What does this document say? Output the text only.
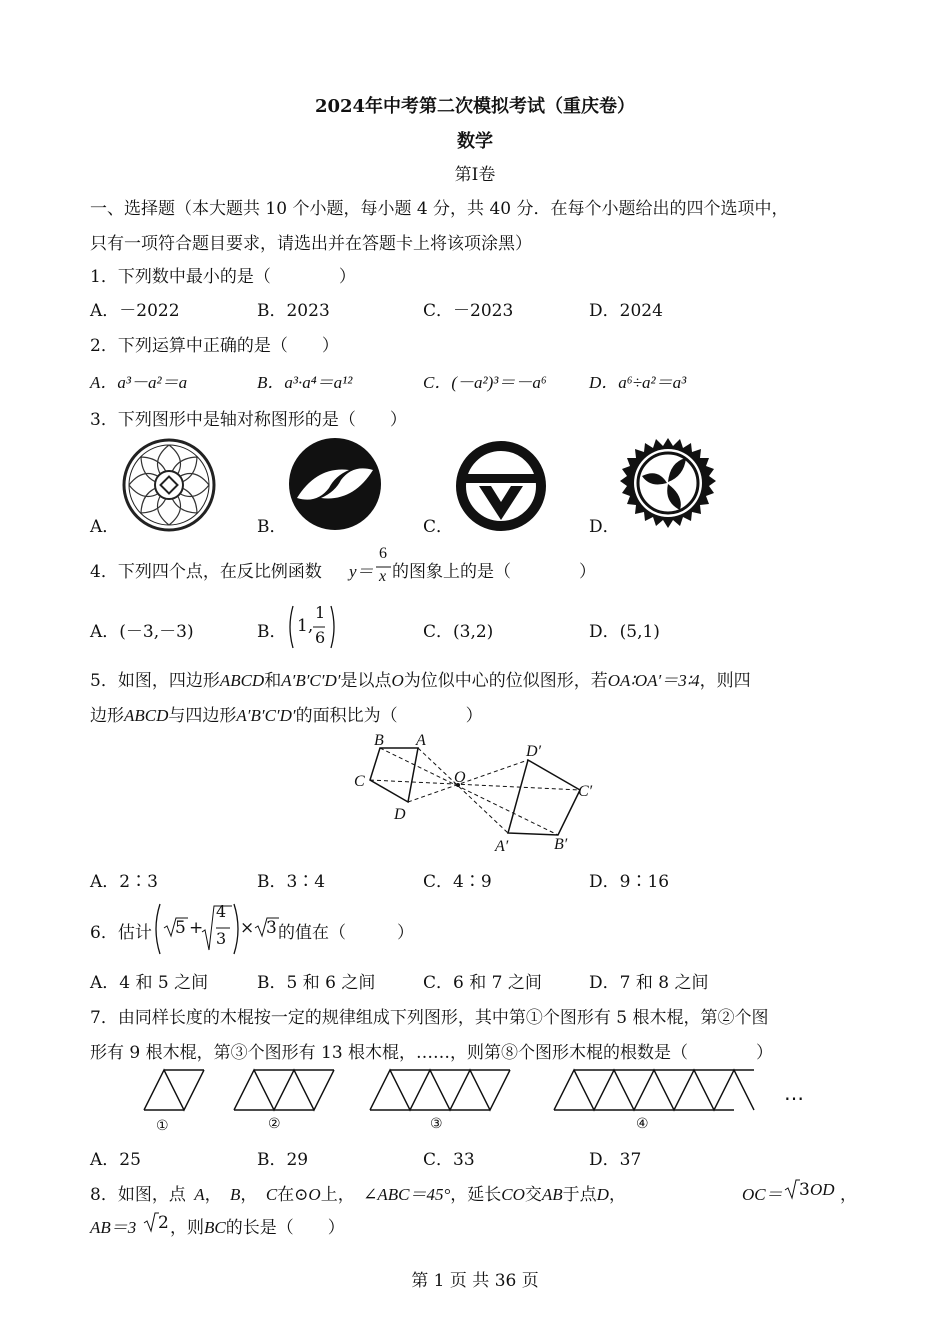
2024年中考第二次模拟考试（重庆卷）
数学
第Ⅰ卷
一、选择题（本大题共 10 个小题，每小题 4 分，共 40 分．在每个小题给出的四个选项中，
只有一项符合题目要求，请选出并在答题卡上将该项涂黑）
1．下列数中最小的是（　　　　）
A．－2022	B．2023	C．－2023	D．2024
2．下列运算中正确的是（　　）
A．a³－a²＝a	B．a³·a⁴＝a¹²	C．(－a²)³＝－a⁶ D．a⁶÷a²＝a³
3．下列图形中是轴对称图形的是（　　）
A．	B．	C．	D．
4．下列四个点，在反比例函数 y＝
6
x 的图象上的是（　　　　）
A．(－3,－3)	B． 1,
1
6	C．(3,2)	D．(5,1)
5．如图，四边形ABCD和A′B′C′D′是以点O为位似中心的位似图形，若OA∶OA′＝3∶4，则四
边形ABCD与四边形A′B′C′D′的面积比为（　　　　）
B A
C
D
O
D′
C′
A′	B′
A．2∶3	B．3∶4	C．4∶9	D．9∶16
6．估计 5 +
4
3
× 3 的值在（　　　）
A．4 和 5 之间	B．5 和 6 之间	C．6 和 7 之间	D．7 和 8 之间
7．由同样长度的木棍按一定的规律组成下列图形，其中第①个图形有 5 根木棍，第②个图
形有 9 根木棍，第③个图形有 13 根木棍，……，则第⑧个图形木棍的根数是（　　　　）
①	②	③	④
…
A．25	B．29	C．33	D．37
8．如图，点 A， B， C在⊙O上， ∠ABC＝45°，延长CO交AB于点D，	OC＝ 3 OD ，
AB＝3 2 ，则BC的长是（　　）
第 1 页 共 36 页
